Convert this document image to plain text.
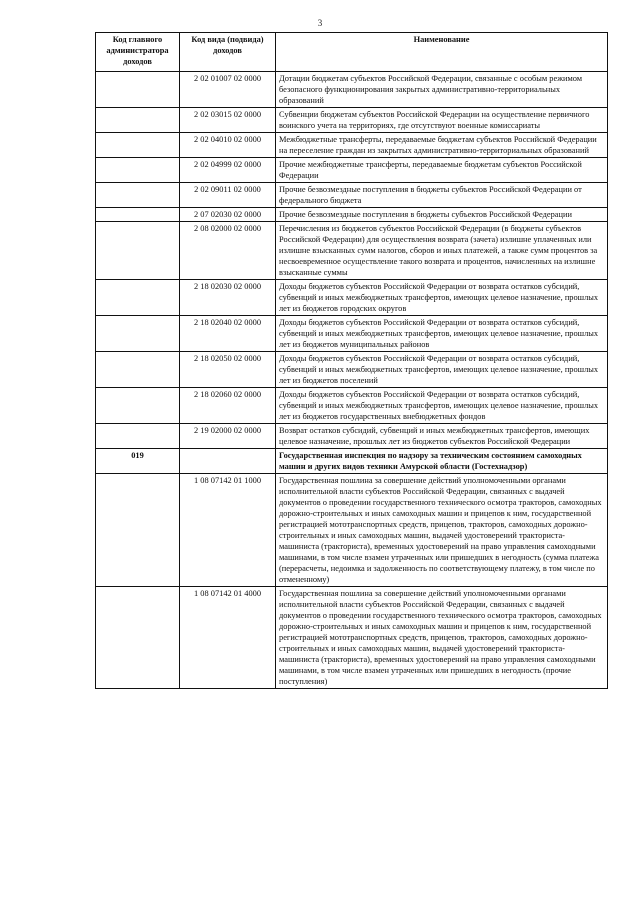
3
Код главного администратора доходов	Код вида (подвида) доходов	Наименование
	2 02 01007 02 0000	Дотации бюджетам субъектов Российской Федерации, связанные с особым режимом безопасного функционирования закрытых административно-территориальных образований
	2 02 03015 02 0000	Субвенции бюджетам субъектов Российской Федерации на осуществление первичного воинского учета на территориях, где отсутствуют военные комиссариаты
	2 02 04010 02 0000	Межбюджетные трансферты, передаваемые бюджетам субъектов Российской Федерации на переселение граждан из закрытых административно-территориальных образований
	2 02 04999 02 0000	Прочие межбюджетные трансферты, передаваемые бюджетам субъектов Российской Федерации
	2 02 09011 02 0000	Прочие безвозмездные поступления в бюджеты субъектов Российской Федерации от федерального бюджета
	2 07 02030 02 0000	Прочие безвозмездные поступления в бюджеты субъектов Российской Федерации
	2 08 02000 02 0000	Перечисления из бюджетов субъектов Российской Федерации (в бюджеты субъектов Российской Федерации) для осуществления возврата (зачета) излишне уплаченных или излишне взысканных сумм налогов, сборов и иных платежей, а также сумм процентов за несвоевременное осуществление такого возврата и процентов, начисленных на излишне взысканные суммы
	2 18 02030 02 0000	Доходы бюджетов субъектов Российской Федерации от возврата остатков субсидий, субвенций и иных межбюджетных трансфертов, имеющих целевое назначение, прошлых лет из бюджетов городских округов
	2 18 02040 02 0000	Доходы бюджетов субъектов Российской Федерации от возврата остатков субсидий, субвенций и иных межбюджетных трансфертов, имеющих целевое назначение, прошлых лет из бюджетов муниципальных районов
	2 18 02050 02 0000	Доходы бюджетов субъектов Российской Федерации от возврата остатков субсидий, субвенций и иных межбюджетных трансфертов, имеющих целевое назначение, прошлых лет из бюджетов поселений
	2 18 02060 02 0000	Доходы бюджетов субъектов Российской Федерации от возврата остатков субсидий, субвенций и иных межбюджетных трансфертов, имеющих целевое назначение, прошлых лет из бюджетов государственных внебюджетных фондов
	2 19 02000 02 0000	Возврат остатков субсидий, субвенций и иных межбюджетных трансфертов, имеющих целевое назначение, прошлых лет из бюджетов субъектов Российской Федерации
019		Государственная инспекция по надзору за техническим состоянием самоходных машин и других видов техники Амурской области (Гостехнадзор)
	1 08 07142 01 1000	Государственная пошлина за совершение действий уполномоченными органами исполнительной власти субъектов Российской Федерации, связанных с выдачей документов о проведении государственного технического осмотра тракторов, самоходных дорожно-строительных и иных самоходных машин и прицепов к ним, государственной регистрацией мототранспортных средств, прицепов, тракторов, самоходных дорожно-строительных и иных самоходных машин, выдачей удостоверений тракториста-машиниста (тракториста), временных удостоверений на право управления самоходными машинами, в том числе взамен утраченных или пришедших в негодность (сумма платежа (перерасчеты, недоимка и задолженность по соответствующему платежу, в том числе по отмененному)
	1 08 07142 01 4000	Государственная пошлина за совершение действий уполномоченными органами исполнительной власти субъектов Российской Федерации, связанных с выдачей документов о проведении государственного технического осмотра тракторов, самоходных дорожно-строительных и иных самоходных машин и прицепов к ним, государственной регистрацией мототранспортных средств, прицепов, тракторов, самоходных дорожно-строительных и иных самоходных машин, выдачей удостоверений тракториста-машиниста (тракториста), временных удостоверений на право управления самоходными машинами, в том числе взамен утраченных или пришедших в негодность (прочие поступления)
